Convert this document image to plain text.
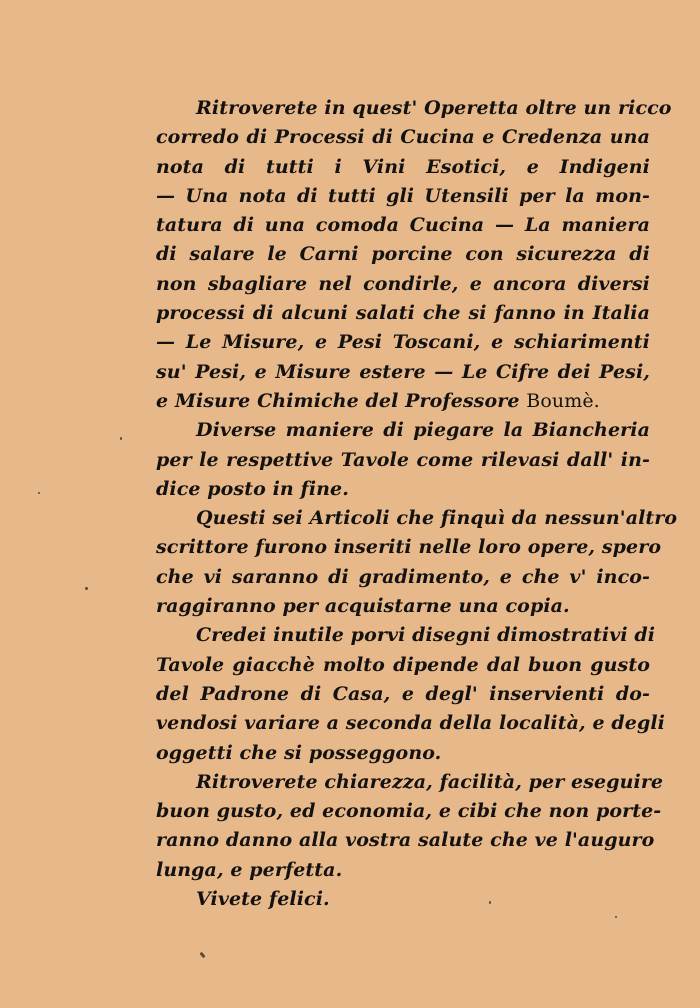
Ritroverete in quest' Operetta oltre un ricco
corredo di Processi di Cucina e Credenza una
nota di tutti i Vini Esotici, e Indigeni
— Una nota di tutti gli Utensili per la mon-
tatura di una comoda Cucina — La maniera
di salare le Carni porcine con sicurezza di
non sbagliare nel condirle, e ancora diversi
processi di alcuni salati che si fanno in Italia
— Le Misure, e Pesi Toscani, e schiarimenti
su' Pesi, e Misure estere — Le Cifre dei Pesi,
e Misure Chimiche del Professore Boumè.
Diverse maniere di piegare la Biancheria
per le respettive Tavole come rilevasi dall' in-
dice posto in fine.
Questi sei Articoli che finquì da nessun'altro
scrittore furono inseriti nelle loro opere, spero
che vi saranno di gradimento, e che v' inco-
raggiranno per acquistarne una copia.
Credei inutile porvi disegni dimostrativi di
Tavole giacchè molto dipende dal buon gusto
del Padrone di Casa, e degl' inservienti do-
vendosi variare a seconda della località, e degli
oggetti che si posseggono.
Ritroverete chiarezza, facilità, per eseguire
buon gusto, ed economia, e cibi che non porte-
ranno danno alla vostra salute che ve l'auguro
lunga, e perfetta.
Vivete felici.
